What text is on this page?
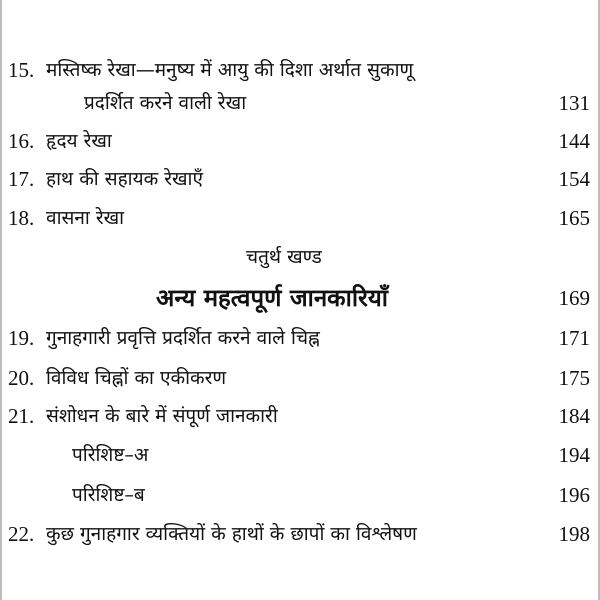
15. मस्तिष्क रेखा—मनुष्य में आयु की दिशा अर्थात सुकाणू
प्रदर्शित करने वाली रेखा	131
16. हृदय रेखा	144
17. हाथ की सहायक रेखाएँ	154
18. वासना रेखा	165
चतुर्थ खण्ड
अन्य महत्वपूर्ण जानकारियाँ	169
19. गुनाहगारी प्रवृत्ति प्रदर्शित करने वाले चिह्न	171
20. विविध चिह्नों का एकीकरण	175
21. संशोधन के बारे में संपूर्ण जानकारी	184
परिशिष्ट–अ	194
परिशिष्ट–ब	196
22. कुछ गुनाहगार व्यक्तियों के हाथों के छापों का विश्लेषण	198
